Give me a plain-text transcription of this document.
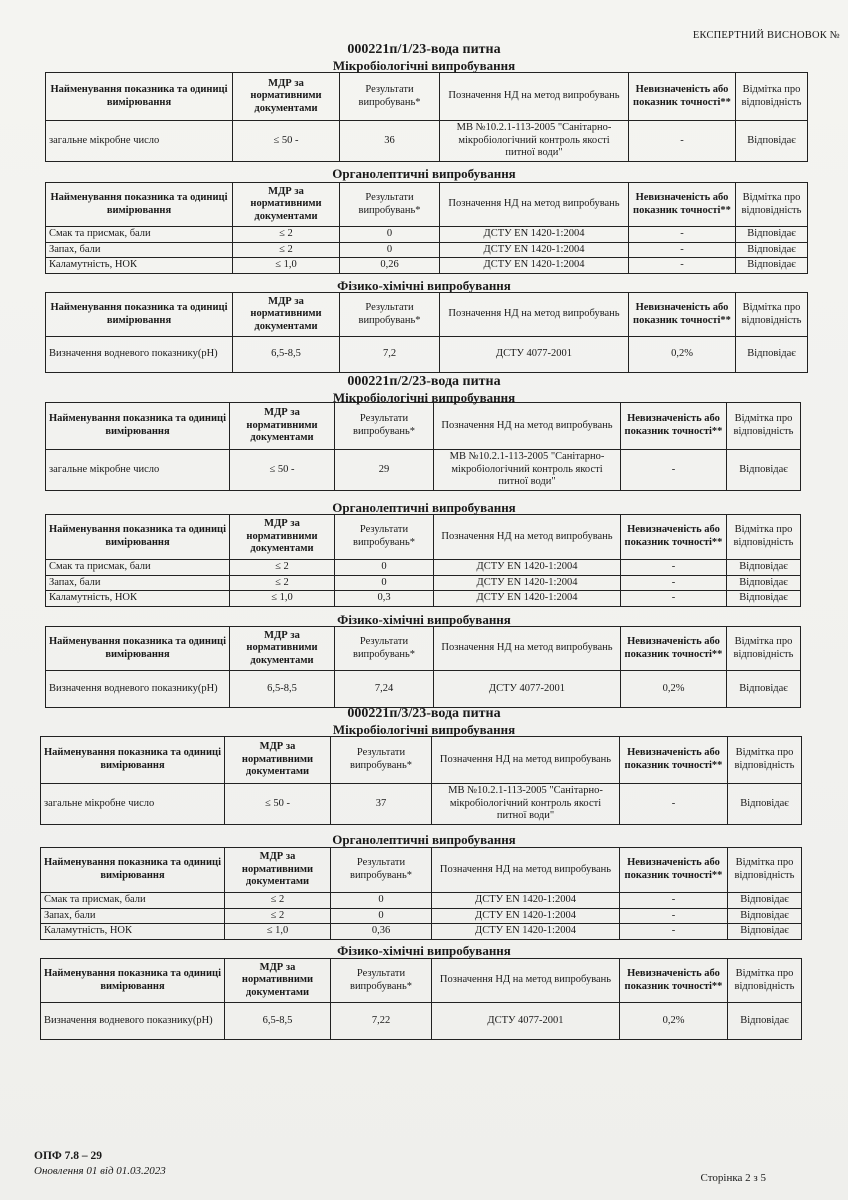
ЕКСПЕРТНИЙ ВИСНОВОК №
000221п/1/23-вода питна
Мікробіологічні випробування
Найменування показника та одиниці вимірювання	МДР за нормативними документами	Результати випробувань*	Позначення НД на метод випробувань	Невизначеність або показник точності**	Відмітка про відповідність
загальне мікробне число	≤ 50 -	36	МВ №10.2.1-113-2005 "Санітарно-мікробіологічний контроль якості питної води"	-	Відповідає
Органолептичні випробування
Найменування показника та одиниці вимірювання	МДР за нормативними документами	Результати випробувань*	Позначення НД на метод випробувань	Невизначеність або показник точності**	Відмітка про відповідність
Смак та присмак, бали	≤ 2	0	ДСТУ EN 1420-1:2004	-	Відповідає
Запах, бали	≤ 2	0	ДСТУ EN 1420-1:2004	-	Відповідає
Каламутність, НОК	≤ 1,0	0,26	ДСТУ EN 1420-1:2004	-	Відповідає
Фізико-хімічні випробування
Найменування показника та одиниці вимірювання	МДР за нормативними документами	Результати випробувань*	Позначення НД на метод випробувань	Невизначеність або показник точності**	Відмітка про відповідність
Визначення водневого показнику(рН)	6,5-8,5	7,2	ДСТУ 4077-2001	0,2%	Відповідає
000221п/2/23-вода питна
Мікробіологічні випробування
Найменування показника та одиниці вимірювання	МДР за нормативними документами	Результати випробувань*	Позначення НД на метод випробувань	Невизначеність або показник точності**	Відмітка про відповідність
загальне мікробне число	≤ 50 -	29	МВ №10.2.1-113-2005 "Санітарно-мікробіологічний контроль якості питної води"	-	Відповідає
Органолептичні випробування
Найменування показника та одиниці вимірювання	МДР за нормативними документами	Результати випробувань*	Позначення НД на метод випробувань	Невизначеність або показник точності**	Відмітка про відповідність
Смак та присмак, бали	≤ 2	0	ДСТУ EN 1420-1:2004	-	Відповідає
Запах, бали	≤ 2	0	ДСТУ EN 1420-1:2004	-	Відповідає
Каламутність, НОК	≤ 1,0	0,3	ДСТУ EN 1420-1:2004	-	Відповідає
Фізико-хімічні випробування
Найменування показника та одиниці вимірювання	МДР за нормативними документами	Результати випробувань*	Позначення НД на метод випробувань	Невизначеність або показник точності**	Відмітка про відповідність
Визначення водневого показнику(рН)	6,5-8,5	7,24	ДСТУ 4077-2001	0,2%	Відповідає
000221п/3/23-вода питна
Мікробіологічні випробування
Найменування показника та одиниці вимірювання	МДР за нормативними документами	Результати випробувань*	Позначення НД на метод випробувань	Невизначеність або показник точності**	Відмітка про відповідність
загальне мікробне число	≤ 50 -	37	МВ №10.2.1-113-2005 "Санітарно-мікробіологічний контроль якості питної води"	-	Відповідає
Органолептичні випробування
Найменування показника та одиниці вимірювання	МДР за нормативними документами	Результати випробувань*	Позначення НД на метод випробувань	Невизначеність або показник точності**	Відмітка про відповідність
Смак та присмак, бали	≤ 2	0	ДСТУ EN 1420-1:2004	-	Відповідає
Запах, бали	≤ 2	0	ДСТУ EN 1420-1:2004	-	Відповідає
Каламутність, НОК	≤ 1,0	0,36	ДСТУ EN 1420-1:2004	-	Відповідає
Фізико-хімічні випробування
Найменування показника та одиниці вимірювання	МДР за нормативними документами	Результати випробувань*	Позначення НД на метод випробувань	Невизначеність або показник точності**	Відмітка про відповідність
Визначення водневого показнику(рН)	6,5-8,5	7,22	ДСТУ 4077-2001	0,2%	Відповідає
ОПФ 7.8 – 29
Оновлення 01 від 01.03.2023
Сторінка 2 з 5
